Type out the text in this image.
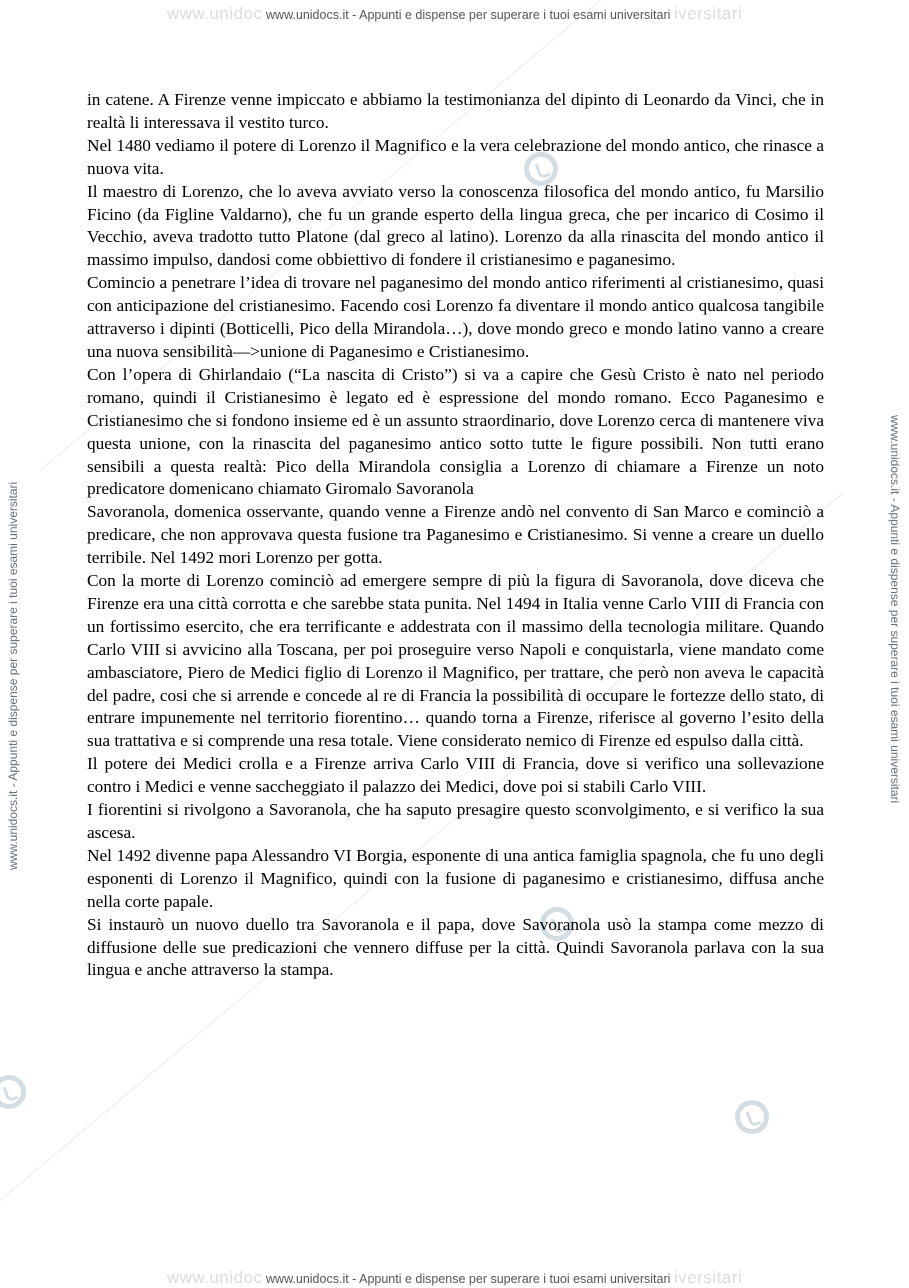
www.unidoc www.unidocs.it - Appunti e dispense per superare i tuoi esami universitari iversitari
www.unidocs.it - Appunti e dispense per superare i tuoi esami universitari	www.unidocs.it - Appunti e dispense per superare i tuoi esami universitari

in catene. A Firenze venne impiccato e abbiamo la testimonianza del dipinto di Leonardo da Vinci, che in realtà li interessava il vestito turco.

Nel 1480 vediamo il potere di Lorenzo il Magnifico e la vera celebrazione del mondo antico, che rinasce a nuova vita.

Il maestro di Lorenzo, che lo aveva avviato verso la conoscenza filosofica del mondo antico, fu Marsilio Ficino (da Figline Valdarno), che fu un grande esperto della lingua greca, che per incarico di Cosimo il Vecchio, aveva tradotto tutto Platone (dal greco al latino). Lorenzo da alla rinascita del mondo antico il massimo impulso, dandosi come obbiettivo di fondere il cristianesimo e paganesimo.

Comincio a penetrare l’idea di trovare nel paganesimo del mondo antico riferimenti al cristianesimo, quasi con anticipazione del cristianesimo. Facendo cosi Lorenzo fa diventare il mondo antico qualcosa tangibile attraverso i dipinti (Botticelli, Pico della Mirandola…), dove mondo greco e mondo latino vanno a creare una nuova sensibilità—>unione di Paganesimo e Cristianesimo.

Con l’opera di Ghirlandaio (“La nascita di Cristo”) si va a capire che Gesù Cristo è nato nel periodo romano, quindi il Cristianesimo è legato ed è espressione del mondo romano. Ecco Paganesimo e Cristianesimo che si fondono insieme ed è un assunto straordinario, dove Lorenzo cerca di mantenere viva questa unione, con la rinascita del paganesimo antico sotto tutte le figure possibili. Non tutti erano sensibili a questa realtà: Pico della Mirandola consiglia a Lorenzo di chiamare a Firenze un noto predicatore domenicano chiamato Giromalo Savoranola

Savoranola, domenica osservante, quando venne a Firenze andò nel convento di San Marco e cominciò a predicare, che non approvava questa fusione tra Paganesimo e Cristianesimo. Si venne a creare un duello terribile. Nel 1492 mori Lorenzo per gotta.

Con la morte di Lorenzo cominciò ad emergere sempre di più la figura di Savoranola, dove diceva che Firenze era una città corrotta e che sarebbe stata punita. Nel 1494 in Italia venne Carlo VIII di Francia con un fortissimo esercito, che era terrificante e addestrata con il massimo della tecnologia militare. Quando Carlo VIII si avvicino alla Toscana, per poi proseguire verso Napoli e conquistarla, viene mandato come ambasciatore, Piero de Medici figlio di Lorenzo il Magnifico, per trattare, che però non aveva le capacità del padre, cosi che si arrende e concede al re di Francia la possibilità di occupare le fortezze dello stato, di entrare impunemente nel territorio fiorentino… quando torna a Firenze, riferisce al governo l’esito della sua trattativa e si comprende una resa totale. Viene considerato nemico di Firenze ed espulso dalla città.

Il potere dei Medici crolla e a Firenze arriva Carlo VIII di Francia, dove si verifico una sollevazione contro i Medici e venne saccheggiato il palazzo dei Medici, dove poi si stabili Carlo VIII.

I fiorentini si rivolgono a Savoranola, che ha saputo presagire questo sconvolgimento, e si verifico la sua ascesa.

Nel 1492 divenne papa Alessandro VI Borgia, esponente di una antica famiglia spagnola, che fu uno degli esponenti di Lorenzo il Magnifico, quindi con la fusione di paganesimo e cristianesimo, diffusa anche nella corte papale.

Si instaurò un nuovo duello tra Savoranola e il papa, dove Savoranola usò la stampa come mezzo di diffusione delle sue predicazioni che vennero diffuse per la città. Quindi Savoranola parlava con la sua lingua e anche attraverso la stampa.

www.unidoc www.unidocs.it - Appunti e dispense per superare i tuoi esami universitari iversitari
